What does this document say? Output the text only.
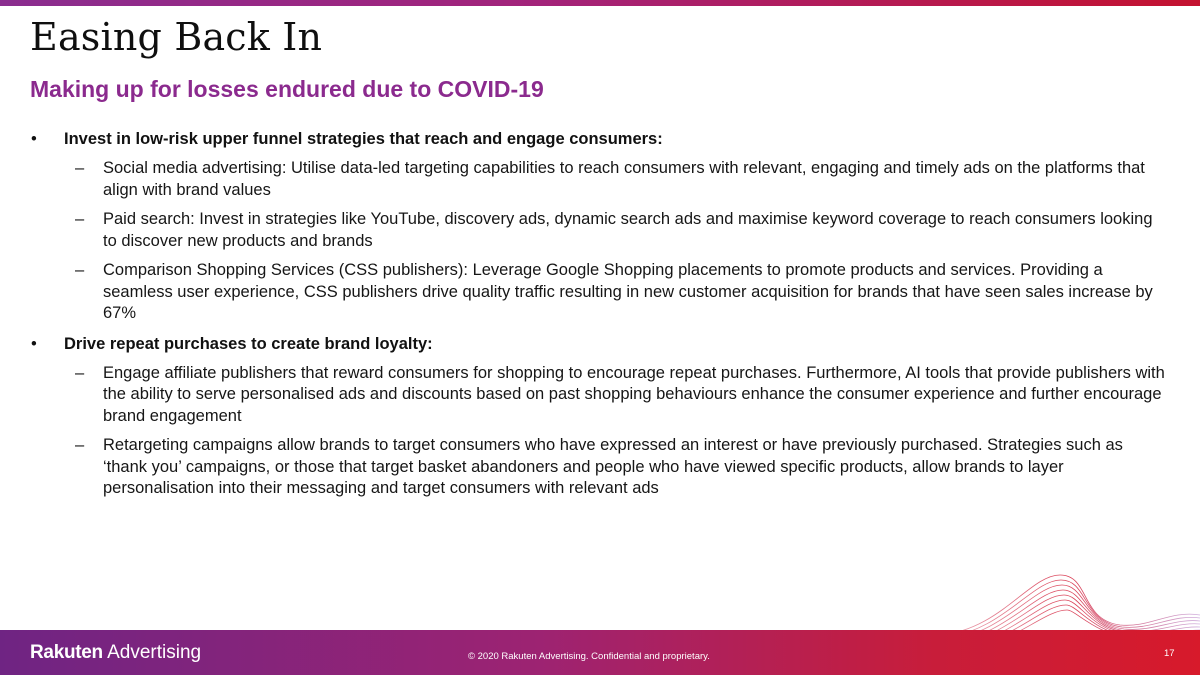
Easing Back In
Making up for losses endured due to COVID-19
• Invest in low-risk upper funnel strategies that reach and engage consumers:
– Social media advertising: Utilise data-led targeting capabilities to reach consumers with relevant, engaging and timely ads on the platforms that align with brand values
– Paid search: Invest in strategies like YouTube, discovery ads, dynamic search ads and maximise keyword coverage to reach consumers looking to discover new products and brands
– Comparison Shopping Services (CSS publishers): Leverage Google Shopping placements to promote products and services. Providing a seamless user experience, CSS publishers drive quality traffic resulting in new customer acquisition for brands that have seen sales increase by 67%
• Drive repeat purchases to create brand loyalty:
– Engage affiliate publishers that reward consumers for shopping to encourage repeat purchases. Furthermore, AI tools that provide publishers with the ability to serve personalised ads and discounts based on past shopping behaviours enhance the consumer experience and further encourage brand engagement
– Retargeting campaigns allow brands to target consumers who have expressed an interest or have previously purchased. Strategies such as ‘thank you’ campaigns, or those that target basket abandoners and people who have viewed specific products, allow brands to layer personalisation into their messaging and target consumers with relevant ads
Rakuten Advertising	© 2020 Rakuten Advertising. Confidential and proprietary.	17
